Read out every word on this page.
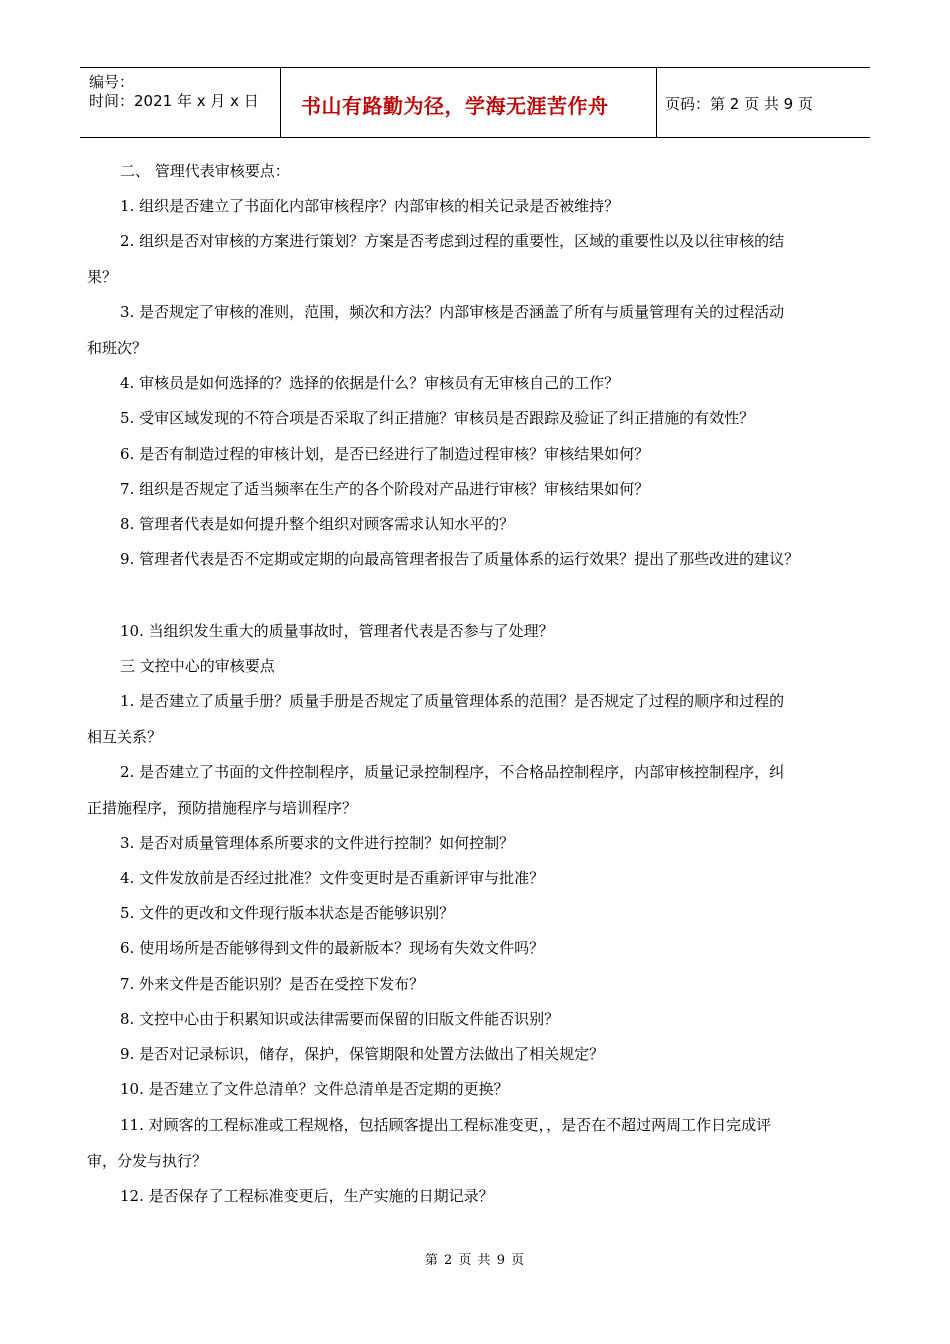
编号：
时间：2021 年 x 月 x 日 书山有路勤为径，学海无涯苦作舟	页码：第 2 页 共 9 页
二、 管理代表审核要点：
1. 组织是否建立了书面化内部审核程序？内部审核的相关记录是否被维持？
2. 组织是否对审核的方案进行策划？方案是否考虑到过程的重要性，区域的重要性以及以往审核的结
果？
3. 是否规定了审核的准则，范围，频次和方法？内部审核是否涵盖了所有与质量管理有关的过程活动
和班次？
4. 审核员是如何选择的？选择的依据是什么？审核员有无审核自己的工作？
5. 受审区域发现的不符合项是否采取了纠正措施？审核员是否跟踪及验证了纠正措施的有效性？
6. 是否有制造过程的审核计划，是否已经进行了制造过程审核？审核结果如何？
7. 组织是否规定了适当频率在生产的各个阶段对产品进行审核？审核结果如何？
8. 管理者代表是如何提升整个组织对顾客需求认知水平的？
9. 管理者代表是否不定期或定期的向最高管理者报告了质量体系的运行效果？提出了那些改进的建议？
10. 当组织发生重大的质量事故时，管理者代表是否参与了处理？
三 文控中心的审核要点
1. 是否建立了质量手册？质量手册是否规定了质量管理体系的范围？是否规定了过程的顺序和过程的
相互关系？
2. 是否建立了书面的文件控制程序，质量记录控制程序，不合格品控制程序，内部审核控制程序，纠
正措施程序，预防措施程序与培训程序？
3. 是否对质量管理体系所要求的文件进行控制？如何控制？
4. 文件发放前是否经过批准？文件变更时是否重新评审与批准？
5. 文件的更改和文件现行版本状态是否能够识别？
6. 使用场所是否能够得到文件的最新版本？现场有失效文件吗？
7. 外来文件是否能识别？是否在受控下发布？
8. 文控中心由于积累知识或法律需要而保留的旧版文件能否识别？
9. 是否对记录标识，储存，保护，保管期限和处置方法做出了相关规定？
10. 是否建立了文件总清单？文件总清单是否定期的更换？
11. 对顾客的工程标准或工程规格，包括顾客提出工程标准变更，，是否在不超过两周工作日完成评
审，分发与执行？
12. 是否保存了工程标准变更后，生产实施的日期记录？
第 2 页 共 9 页
